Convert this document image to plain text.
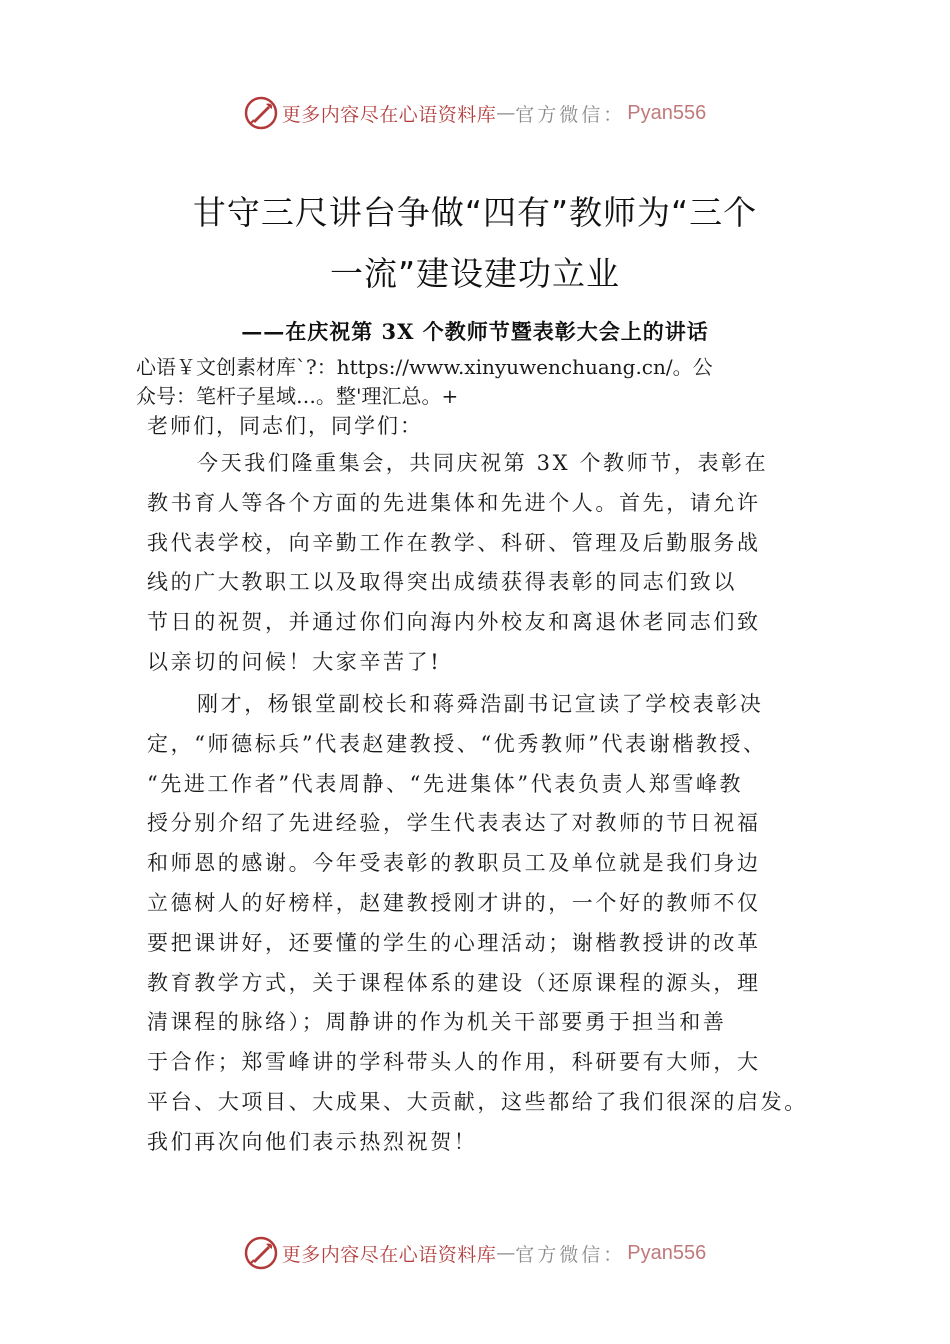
更多内容尽在心语资料库 — 官方微信： Pyan556
甘守三尺讲台争做“四有”教师为“三个
一流”建设建功立业
——在庆祝第 3X 个教师节暨表彰大会上的讲话
心语￥文创素材库`?：https://www.xinyuwenchuang.cn/。公
众号：笔杆子星域…。整'理汇总。+
老师们，同志们，同学们：
今天我们隆重集会，共同庆祝第 3X 个教师节，表彰在
教书育人等各个方面的先进集体和先进个人。首先，请允许
我代表学校，向辛勤工作在教学、科研、管理及后勤服务战
线的广大教职工以及取得突出成绩获得表彰的同志们致以
节日的祝贺，并通过你们向海内外校友和离退休老同志们致
以亲切的问候！大家辛苦了!
刚才，杨银堂副校长和蒋舜浩副书记宣读了学校表彰决
定，“师德标兵”代表赵建教授、“优秀教师”代表谢楷教授、
“先进工作者”代表周静、“先进集体”代表负责人郑雪峰教
授分别介绍了先进经验，学生代表表达了对教师的节日祝福
和师恩的感谢。今年受表彰的教职员工及单位就是我们身边
立德树人的好榜样，赵建教授刚才讲的，一个好的教师不仅
要把课讲好，还要懂的学生的心理活动；谢楷教授讲的改革
教育教学方式，关于课程体系的建设（还原课程的源头，理
清课程的脉络）；周静讲的作为机关干部要勇于担当和善
于合作；郑雪峰讲的学科带头人的作用，科研要有大师，大
平台、大项目、大成果、大贡献，这些都给了我们很深的启发。
我们再次向他们表示热烈祝贺！
更多内容尽在心语资料库 — 官方微信： Pyan556
